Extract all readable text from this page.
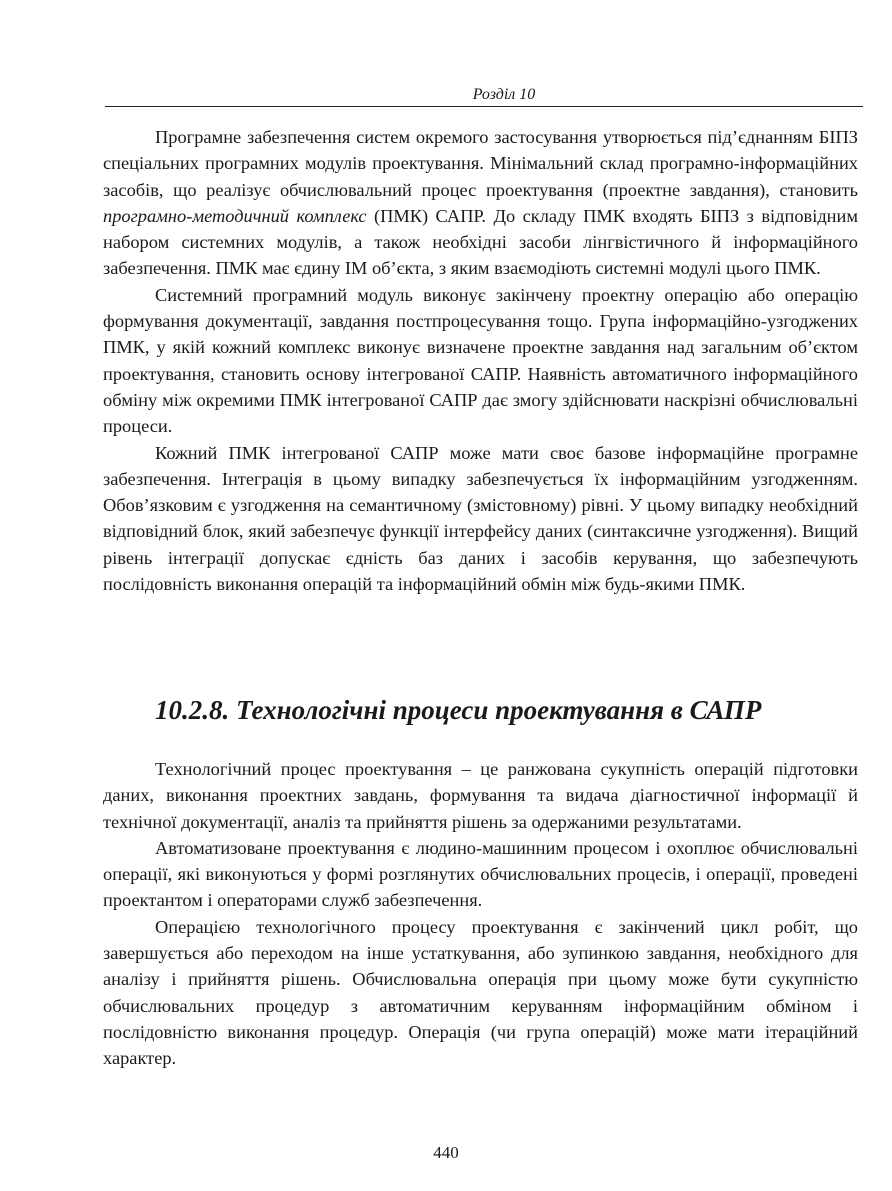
Розділ 10

Програмне забезпечення систем окремого застосування утворюється під’єднанням БІПЗ спеціальних програмних модулів проектування. Мінімальний склад програмно-інформаційних засобів, що реалізує обчислювальний процес проектування (проектне завдання), становить програмно-методичний комплекс (ПМК) САПР. До складу ПМК входять БІПЗ з відповідним набором системних модулів, а також необхідні засоби лінгвістичного й інформаційного забезпечення. ПМК має єдину ІМ об’єкта, з яким взаємодіють системні модулі цього ПМК.

Системний програмний модуль виконує закінчену проектну операцію або операцію формування документації, завдання постпроцесування тощо. Група інформаційно-узгоджених ПМК, у якій кожний комплекс виконує визначене проектне завдання над загальним об’єктом проектування, становить основу інтегрованої САПР. Наявність автоматичного інформаційного обміну між окремими ПМК інтегрованої САПР дає змогу здійснювати наскрізні обчислювальні процеси.

Кожний ПМК інтегрованої САПР може мати своє базове інформаційне програмне забезпечення. Інтеграція в цьому випадку забезпечується їх інформаційним узгодженням. Обов’язковим є узгодження на семантичному (змістовному) рівні. У цьому випадку необхідний відповідний блок, який забезпечує функції інтерфейсу даних (синтаксичне узгодження). Вищий рівень інтеграції допускає єдність баз даних і засобів керування, що забезпечують послідовність виконання операцій та інформаційний обмін між будь-якими ПМК.

10.2.8. Технологічні процеси проектування в САПР

Технологічний процес проектування – це ранжована сукупність операцій підготовки даних, виконання проектних завдань, формування та видача діагностичної інформації й технічної документації, аналіз та прийняття рішень за одержаними результатами.

Автоматизоване проектування є людино-машинним процесом і охоплює обчислювальні операції, які виконуються у формі розглянутих обчислювальних процесів, і операції, проведені проектантом і операторами служб забезпечення.

Операцією технологічного процесу проектування є закінчений цикл робіт, що завершується або переходом на інше устаткування, або зупинкою завдання, необхідного для аналізу і прийняття рішень. Обчислювальна операція при цьому може бути сукупністю обчислювальних процедур з автоматичним керуванням інформаційним обміном і послідовністю виконання процедур. Операція (чи група операцій) може мати ітераційний характер.

440
